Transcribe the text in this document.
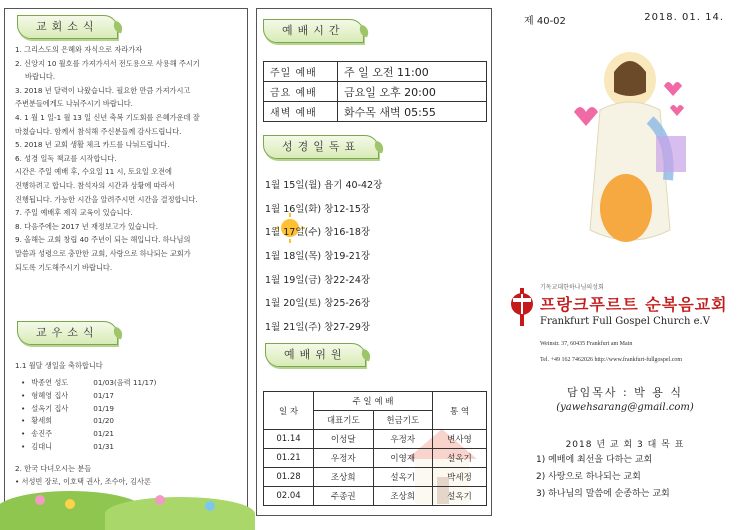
교회소식

1. 그리스도의 은혜와 자식으로 자라가자

2. 신앙지 10 월호를 가져가셔서 전도용으로 사용해 주시기

바랍니다.

3. 2018 년 달력이 나왔습니다. 필요한 만큼 가져가시고

주변분들에게도 나눠주시기 바랍니다.

4. 1 월 1 일-1 월 13 일 신년 축복 기도회를 은혜가운데 잘

마쳤습니다. 함께서 참석해 주신분들께 감사드립니다.

5. 2018 년 교회 생활 체크 카드를 나눠드립니다.

6. 성경 일독 책교를 시작합니다.

시간은 주일 예배 후, 수요일 11 시, 토요일 오전에

진행하려고 합니다. 참석자의 시간과 상황에 따라서

진행됩니다. 가능한 시간을 알려주시면 시간을 결정합니다.

7. 주일 예배후 제직 교육이 있습니다.

8. 다음주에는 2017 년 재정보고가 있습니다.

9. 올해는 교회 창립 40 주년이 되는 해입니다. 하나님의

말씀과 성령으로 충만한 교회, 사랑으로 하나되는 교회가

되도록 기도해주시기 바랍니다.

교우소식
1.1 월달 생일을 축하합니다
• 박종연 성도	01/03(음력 11/17)
• 형혜영 집사	01/17
• 설옥기 집사	01/19
• 황세희	01/20
• 송진주	01/21
• 김대니	01/31
2. 한국 다녀오시는 분들
• 서성빈 장로, 이호택 권사, 조수아, 김사론
예배시간
주일 예배	주 일 오전 11:00
금요 예배	금요일 오후 20:00
새벽 예배	화수목 새벽 05:55
성경일독표
1월 15일(월) 욥기 40-42장
1월 16일(화) 창12-15장
1월 17일(수) 창16-18장
1월 18일(목) 창19-21장
1월 19일(금) 창22-24장
1월 20일(토) 창25-26장
1월 21일(주) 창27-29장
예배위원
일 자	주 일 예 배		통 역
	대표기도	헌금기도	
01.14	이성달	우정자	변사영
01.21	우정자	이영재	설옥기
01.28	조상희	설옥기	박세정
02.04	주종권	조상희	설옥기
제 40-02	2018. 01. 14.
기독교대한하나님의성회
프랑크푸르트 순복음교회
Frankfurt Full Gospel Church e.V
Weinstr. 37, 60435 Frankfurt am Main
Tel. +49 162 7462026 http://www.frankfurt-fullgospel.com
담임목사 : 박 용 식
(yawehsarang@gmail.com)
2018 년 교 회 3 대 목 표
1) 예배에 최선을 다하는 교회
2) 사랑으로 하나되는 교회
3) 하나님의 말씀에 순종하는 교회
